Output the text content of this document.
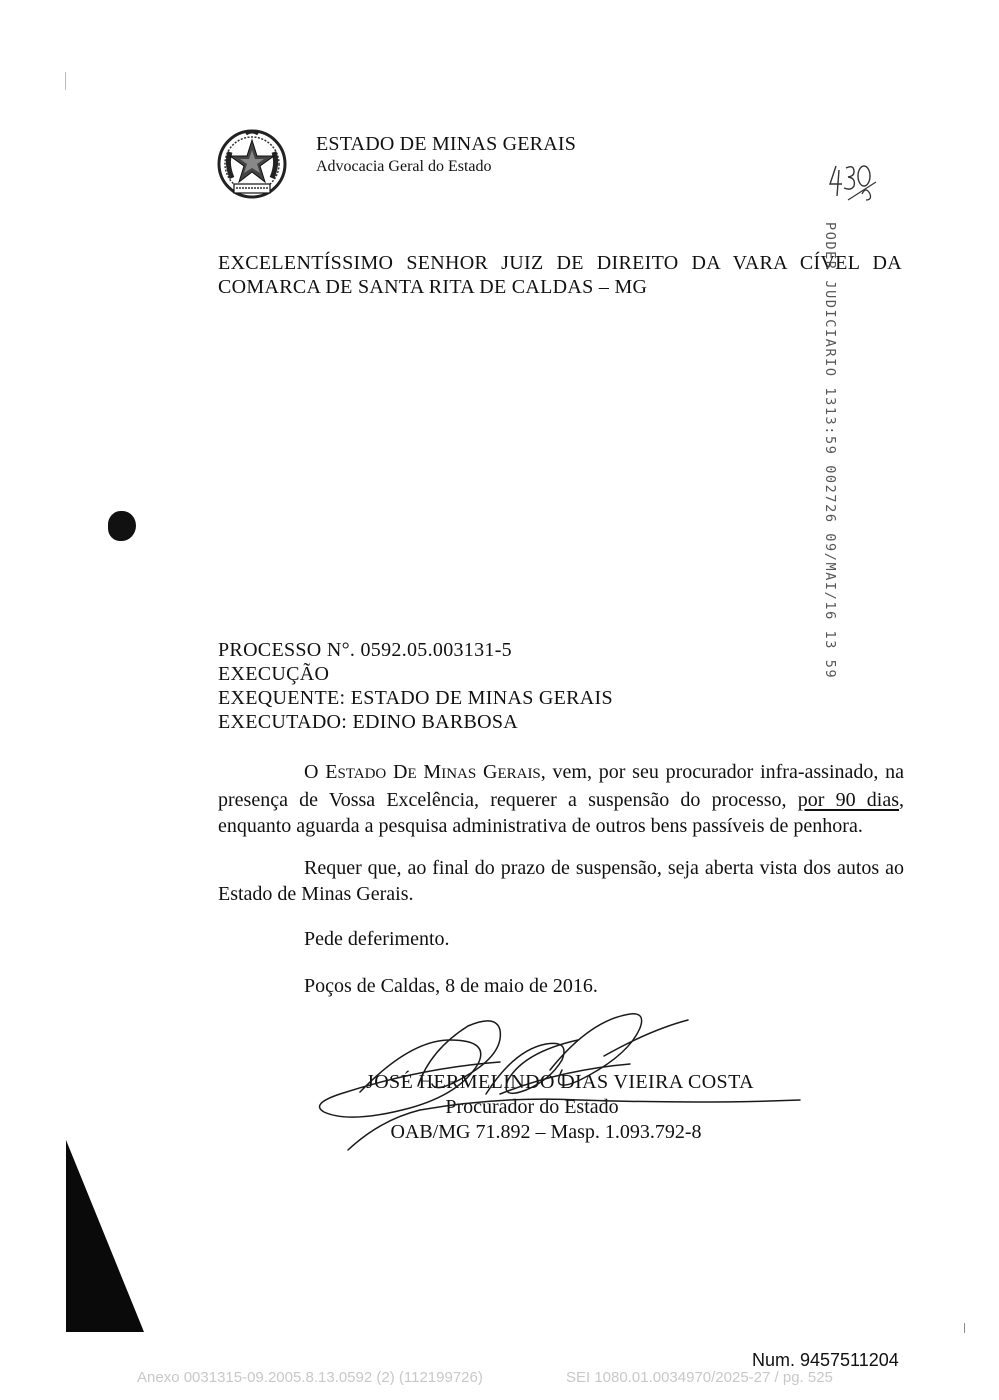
ESTADO DE MINAS GERAIS
Advocacia Geral do Estado
EXCELENTÍSSIMO SENHOR JUIZ DE DIREITO DA VARA CÍVEL DA
COMARCA DE SANTA RITA DE CALDAS – MG	PODER JUDICIARIO 1313:59 002726 09/MAI/16 13 59
PROCESSO N°. 0592.05.003131-5
EXECUÇÃO
EXEQUENTE: ESTADO DE MINAS GERAIS
EXECUTADO: EDINO BARBOSA
O ESTADO DE MINAS GERAIS, vem, por seu procurador infra-assinado, na presença de Vossa Excelência, requerer a suspensão do processo, por 90 dias, enquanto aguarda a pesquisa administrativa de outros bens passíveis de penhora.
Requer que, ao final do prazo de suspensão, seja aberta vista dos autos ao Estado de Minas Gerais.
Pede deferimento.
Poços de Caldas, 8 de maio de 2016.
JOSÉ HERMELINDO DIAS VIEIRA COSTA
Procurador do Estado
OAB/MG 71.892 – Masp. 1.093.792-8
Num. 9457511204
Anexo 0031315-09.2005.8.13.0592 (2) (112199726)	SEI 1080.01.0034970/2025-27 / pg. 525
